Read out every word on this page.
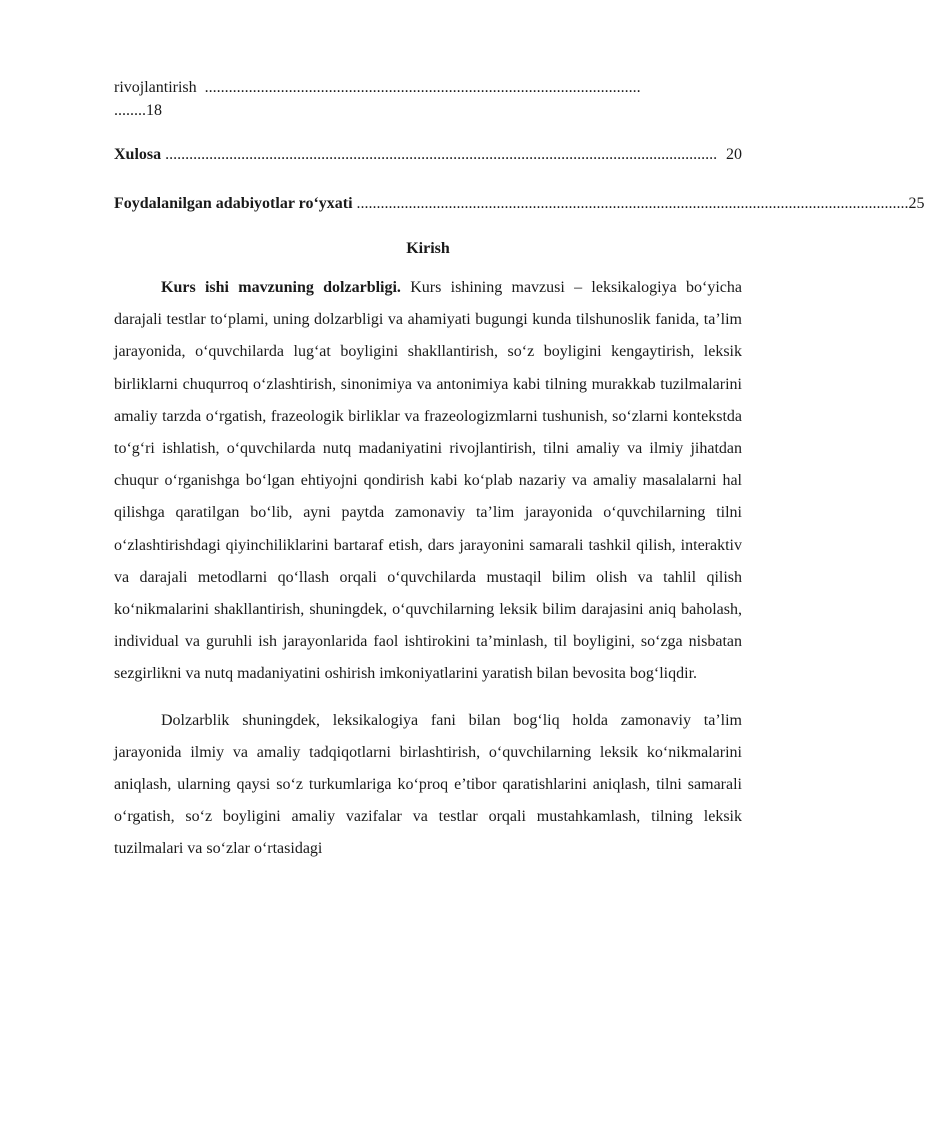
rivojlantirish .............................................................................................................
........18
Xulosa .......................................................................................................................................... 20
Foydalanilgan adabiyotlar ro‘yxati .......................................................................................................................................... 25
Kirish

Kurs ishi mavzuning dolzarbligi. Kurs ishining mavzusi – leksikalogiya bo‘yicha darajali testlar to‘plami, uning dolzarbligi va ahamiyati bugungi kunda tilshunoslik fanida, ta’lim jarayonida, o‘quvchilarda lug‘at boyligini shakllantirish, so‘z boyligini kengaytirish, leksik birliklarni chuqurroq o‘zlashtirish, sinonimiya va antonimiya kabi tilning murakkab tuzilmalarini amaliy tarzda o‘rgatish, frazeologik birliklar va frazeologizmlarni tushunish, so‘zlarni kontekstda to‘g‘ri ishlatish, o‘quvchilarda nutq madaniyatini rivojlantirish, tilni amaliy va ilmiy jihatdan chuqur o‘rganishga bo‘lgan ehtiyojni qondirish kabi ko‘plab nazariy va amaliy masalalarni hal qilishga qaratilgan bo‘lib, ayni paytda zamonaviy ta’lim jarayonida o‘quvchilarning tilni o‘zlashtirishdagi qiyinchiliklarini bartaraf etish, dars jarayonini samarali tashkil qilish, interaktiv va darajali metodlarni qo‘llash orqali o‘quvchilarda mustaqil bilim olish va tahlil qilish ko‘nikmalarini shakllantirish, shuningdek, o‘quvchilarning leksik bilim darajasini aniq baholash, individual va guruhli ish jarayonlarida faol ishtirokini ta’minlash, til boyligini, so‘zga nisbatan sezgirlikni va nutq madaniyatini oshirish imkoniyatlarini yaratish bilan bevosita bog‘liqdir.

Dolzarblik shuningdek, leksikalogiya fani bilan bog‘liq holda zamonaviy ta’lim jarayonida ilmiy va amaliy tadqiqotlarni birlashtirish, o‘quvchilarning leksik ko‘nikmalarini aniqlash, ularning qaysi so‘z turkumlariga ko‘proq e’tibor qaratishlarini aniqlash, tilni samarali o‘rgatish, so‘z boyligini amaliy vazifalar va testlar orqali mustahkamlash, tilning leksik tuzilmalari va so‘zlar o‘rtasidagi
